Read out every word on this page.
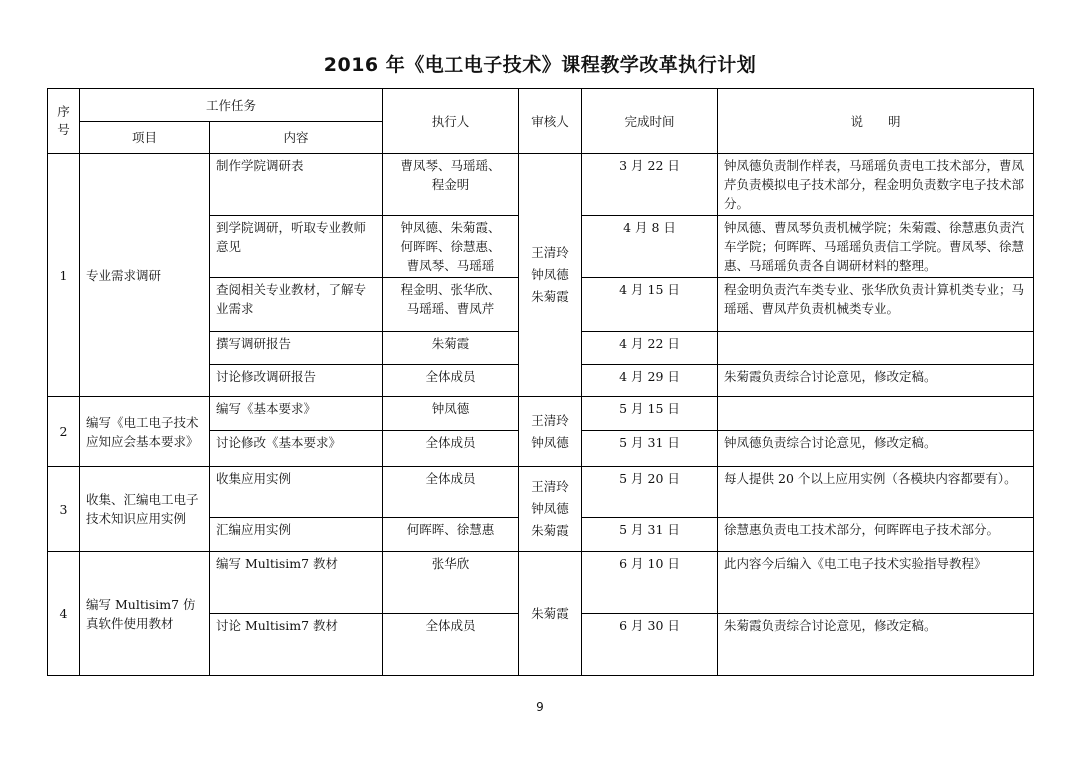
2016 年《电工电子技术》课程教学改革执行计划
序号	工作任务		执行人	审核人	完成时间	说　　明
	项目	内容				
1	专业需求调研	制作学院调研表	曹凤琴、马瑶瑶、
程金明	王清玲
钟凤德
朱菊霞	3 月 22 日	钟凤德负责制作样表，马瑶瑶负责电工技术部分，曹凤芹负责模拟电子技术部分，程金明负责数字电子技术部分。
		到学院调研，听取专业教师意见	钟凤德、朱菊霞、
何晖晖、徐慧惠、
曹凤琴、马瑶瑶		4 月 8 日	钟凤德、曹凤琴负责机械学院；朱菊霞、徐慧惠负责汽车学院；何晖晖、马瑶瑶负责信工学院。曹凤琴、徐慧惠、马瑶瑶负责各自调研材料的整理。
		查阅相关专业教材，了解专业需求	程金明、张华欣、
马瑶瑶、曹凤芹		4 月 15 日	程金明负责汽车类专业、张华欣负责计算机类专业；马瑶瑶、曹凤芹负责机械类专业。
		撰写调研报告	朱菊霞		4 月 22 日	
		讨论修改调研报告	全体成员		4 月 29 日	朱菊霞负责综合讨论意见，修改定稿。
2	编写《电工电子技术应知应会基本要求》	编写《基本要求》	钟凤德	王清玲
钟凤德	5 月 15 日	
		讨论修改《基本要求》	全体成员		5 月 31 日	钟凤德负责综合讨论意见，修改定稿。
3	收集、汇编电工电子技术知识应用实例	收集应用实例	全体成员	王清玲
钟凤德
朱菊霞	5 月 20 日	每人提供 20 个以上应用实例（各模块内容都要有）。
		汇编应用实例	何晖晖、徐慧惠		5 月 31 日	徐慧惠负责电工技术部分，何晖晖电子技术部分。
4	编写 Multisim7 仿真软件使用教材	编写 Multisim7 教材	张华欣	朱菊霞	6 月 10 日	此内容今后编入《电工电子技术实验指导教程》
		讨论 Multisim7 教材	全体成员		6 月 30 日	朱菊霞负责综合讨论意见，修改定稿。
9
